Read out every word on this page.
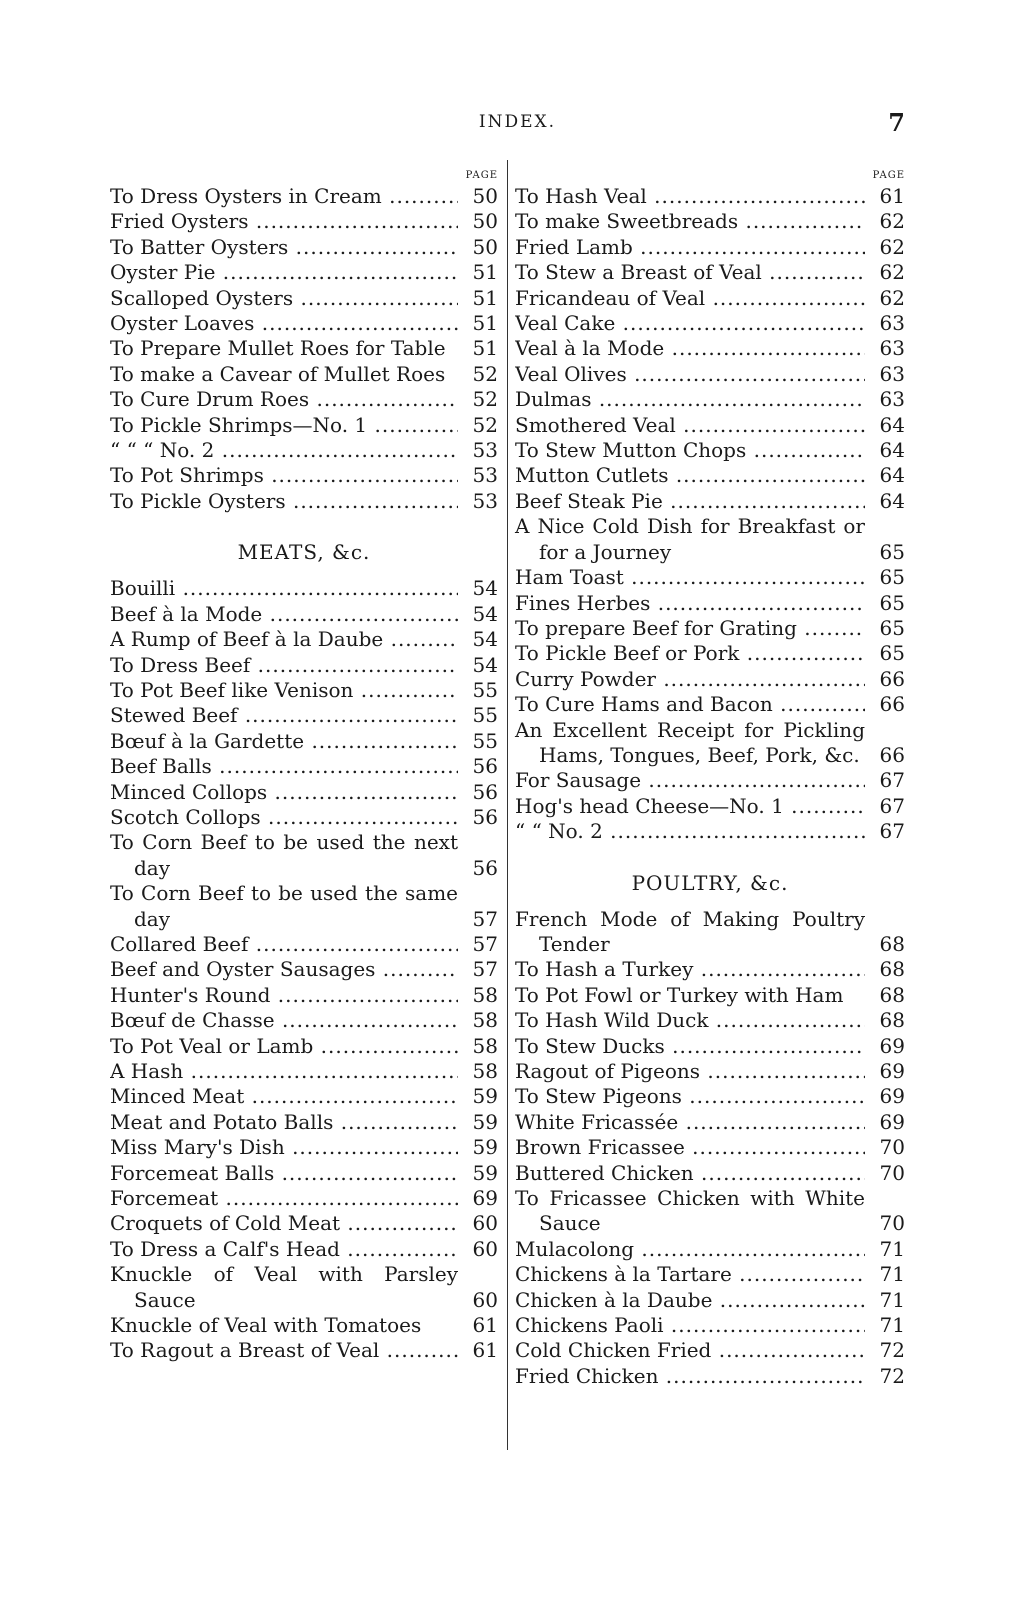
INDEX.	7
PAGE
To Dress Oysters in Cream .....	50
Fried Oysters .....	50
To Batter Oysters .....	50
Oyster Pie .....	51
Scalloped Oysters .....	51
Oyster Loaves .....	51
To Prepare Mullet Roes for Table	51
To make a Cavear of Mullet Roes	52
To Cure Drum Roes .....	52
To Pickle Shrimps—No. 1 .....	52
“ “ “ No. 2 .....	53
To Pot Shrimps .....	53
To Pickle Oysters .....	53
MEATS, &c.
Bouilli .....	54
Beef à la Mode .....	54
A Rump of Beef à la Daube .....	54
To Dress Beef .....	54
To Pot Beef like Venison .....	55
Stewed Beef .....	55
Bœuf à la Gardette .....	55
Beef Balls .....	56
Minced Collops .....	56
Scotch Collops .....	56
To Corn Beef to be used the next day	56
To Corn Beef to be used the same day	57
Collared Beef .....	57
Beef and Oyster Sausages .....	57
Hunter's Round .....	58
Bœuf de Chasse .....	58
To Pot Veal or Lamb .....	58
A Hash .....	58
Minced Meat .....	59
Meat and Potato Balls .....	59
Miss Mary's Dish .....	59
Forcemeat Balls .....	59
Forcemeat .....	69
Croquets of Cold Meat .....	60
To Dress a Calf's Head .....	60
Knuckle of Veal with Parsley Sauce	60
Knuckle of Veal with Tomatoes	61
To Ragout a Breast of Veal .....	61
PAGE
To Hash Veal .....	61
To make Sweetbreads .....	62
Fried Lamb .....	62
To Stew a Breast of Veal .....	62
Fricandeau of Veal .....	62
Veal Cake .....	63
Veal à la Mode .....	63
Veal Olives .....	63
Dulmas .....	63
Smothered Veal .....	64
To Stew Mutton Chops .....	64
Mutton Cutlets .....	64
Beef Steak Pie .....	64
A Nice Cold Dish for Breakfast or for a Journey	65
Ham Toast .....	65
Fines Herbes .....	65
To prepare Beef for Grating .....	65
To Pickle Beef or Pork .....	65
Curry Powder .....	66
To Cure Hams and Bacon .....	66
An Excellent Receipt for Pickling Hams, Tongues, Beef, Pork, &c. 66
For Sausage .....	67
Hog's head Cheese—No. 1 .....	67
“ “ No. 2 .....	67
POULTRY, &c.
French Mode of Making Poultry Tender	68
To Hash a Turkey .....	68
To Pot Fowl or Turkey with Ham	68
To Hash Wild Duck .....	68
To Stew Ducks .....	69
Ragout of Pigeons .....	69
To Stew Pigeons .....	69
White Fricassée .....	69
Brown Fricassee .....	70
Buttered Chicken .....	70
To Fricassee Chicken with White Sauce	70
Mulacolong .....	71
Chickens à la Tartare .....	71
Chicken à la Daube .....	71
Chickens Paoli .....	71
Cold Chicken Fried .....	72
Fried Chicken .....	72
